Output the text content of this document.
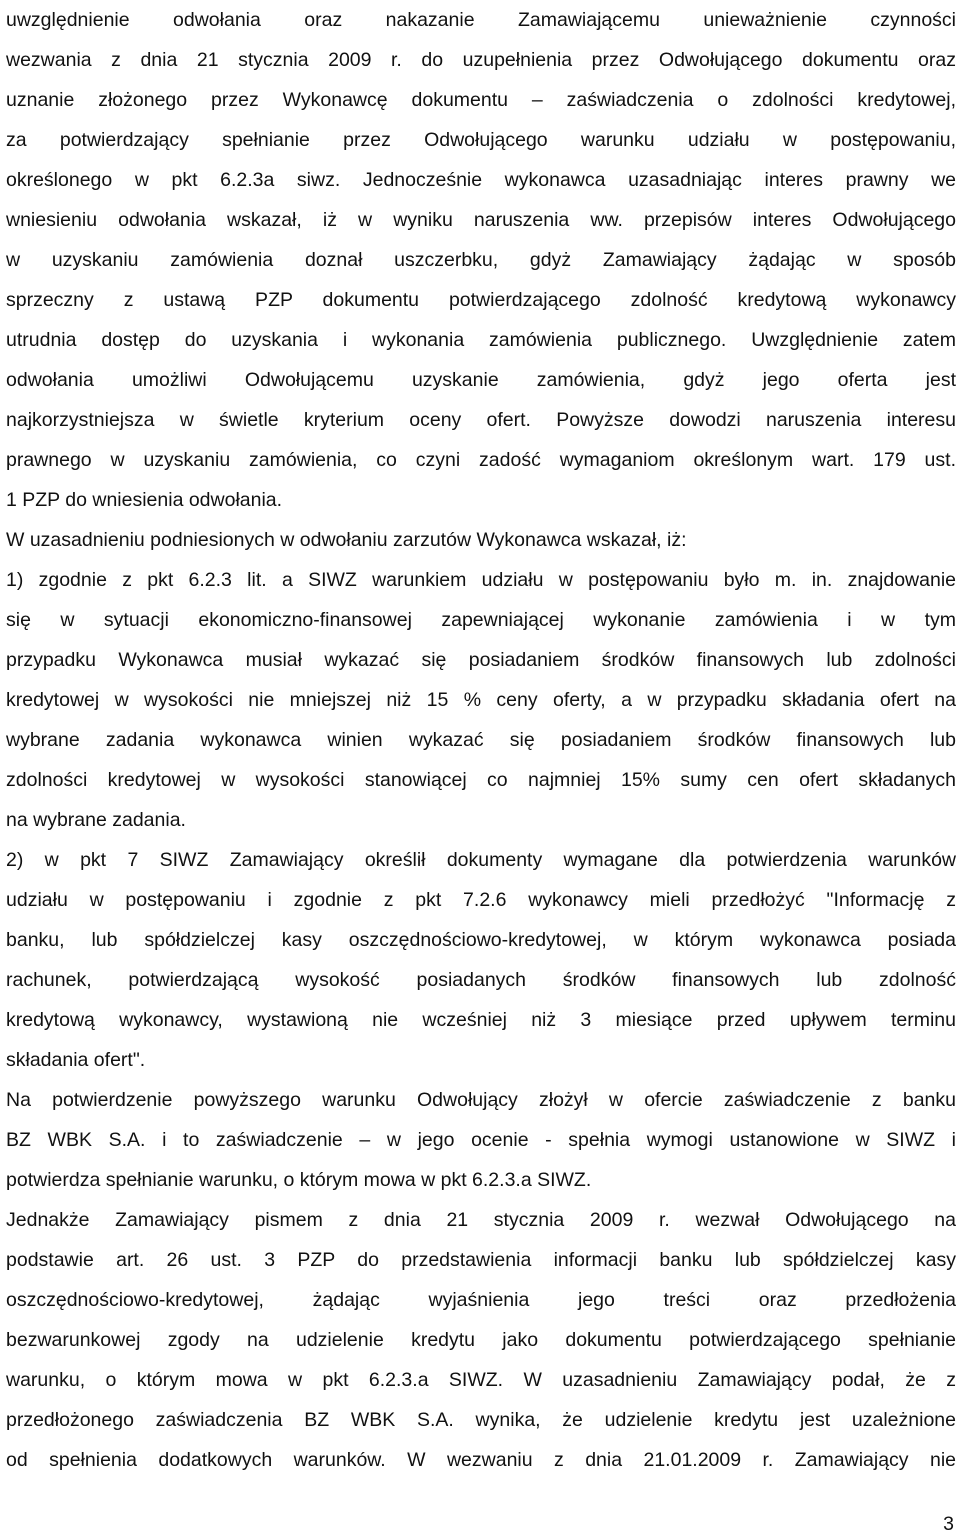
uwzględnienie odwołania oraz nakazanie Zamawiającemu unieważnienie czynności
wezwania z dnia 21 stycznia 2009 r. do uzupełnienia przez Odwołującego dokumentu oraz
uznanie złożonego przez Wykonawcę dokumentu – zaświadczenia o zdolności kredytowej,
za potwierdzający spełnianie przez Odwołującego warunku udziału w postępowaniu,
określonego w pkt 6.2.3a siwz. Jednocześnie wykonawca uzasadniając interes prawny we
wniesieniu odwołania wskazał, iż w wyniku naruszenia ww. przepisów interes Odwołującego
w uzyskaniu zamówienia doznał uszczerbku, gdyż Zamawiający żądając w sposób
sprzeczny z ustawą PZP dokumentu potwierdzającego zdolność kredytową wykonawcy
utrudnia dostęp do uzyskania i wykonania zamówienia publicznego. Uwzględnienie zatem
odwołania umożliwi Odwołującemu uzyskanie zamówienia, gdyż jego oferta jest
najkorzystniejsza w świetle kryterium oceny ofert. Powyższe dowodzi naruszenia interesu
prawnego w uzyskaniu zamówienia, co czyni zadość wymaganiom określonym wart. 179 ust.
1 PZP do wniesienia odwołania.
W uzasadnieniu podniesionych w odwołaniu zarzutów Wykonawca wskazał, iż:
1) zgodnie z pkt 6.2.3 lit. a SIWZ warunkiem udziału w postępowaniu było m. in. znajdowanie
się w sytuacji ekonomiczno-finansowej zapewniającej wykonanie zamówienia i w tym
przypadku Wykonawca musiał wykazać się posiadaniem środków finansowych lub zdolności
kredytowej w wysokości nie mniejszej niż 15 % ceny oferty, a w przypadku składania ofert na
wybrane zadania wykonawca winien wykazać się posiadaniem środków finansowych lub
zdolności kredytowej w wysokości stanowiącej co najmniej 15% sumy cen ofert składanych
na wybrane zadania.
2) w pkt 7 SIWZ Zamawiający określił dokumenty wymagane dla potwierdzenia warunków
udziału w postępowaniu i zgodnie z pkt 7.2.6 wykonawcy mieli przedłożyć "Informację z
banku, lub spółdzielczej kasy oszczędnościowo-kredytowej, w którym wykonawca posiada
rachunek, potwierdzającą wysokość posiadanych środków finansowych lub zdolność
kredytową wykonawcy, wystawioną nie wcześniej niż 3 miesiące przed upływem terminu
składania ofert".
Na potwierdzenie powyższego warunku Odwołujący złożył w ofercie zaświadczenie z banku
BZ WBK S.A. i to zaświadczenie – w jego ocenie - spełnia wymogi ustanowione w SIWZ i
potwierdza spełnianie warunku, o którym mowa w pkt 6.2.3.a SIWZ.
Jednakże Zamawiający pismem z dnia 21 stycznia 2009 r. wezwał Odwołującego na
podstawie art. 26 ust. 3 PZP do przedstawienia informacji banku lub spółdzielczej kasy
oszczędnościowo-kredytowej, żądając wyjaśnienia jego treści oraz przedłożenia
bezwarunkowej zgody na udzielenie kredytu jako dokumentu potwierdzającego spełnianie
warunku, o którym mowa w pkt 6.2.3.a SIWZ. W uzasadnieniu Zamawiający podał, że z
przedłożonego zaświadczenia BZ WBK S.A. wynika, że udzielenie kredytu jest uzależnione
od spełnienia dodatkowych warunków. W wezwaniu z dnia 21.01.2009 r. Zamawiający nie
3
